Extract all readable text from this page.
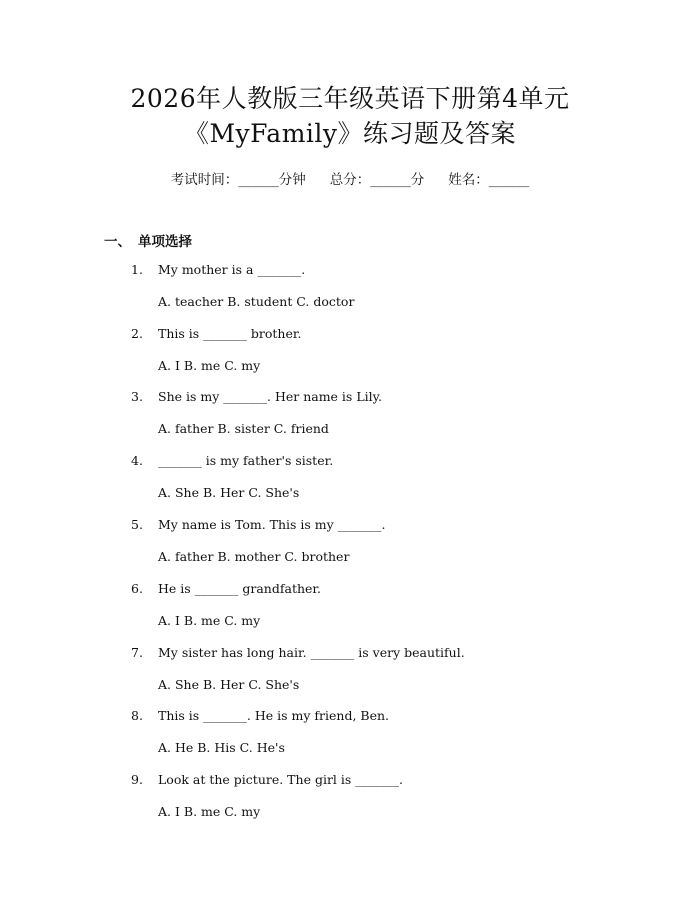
2026年人教版三年级英语下册第4单元
《MyFamily》练习题及答案
考试时间：______分钟 总分：______分 姓名：______
一、 单项选择
1. My mother is a _______.
A. teacher B. student C. doctor
2. This is _______ brother.
A. I B. me C. my
3. She is my _______. Her name is Lily.
A. father B. sister C. friend
4. _______ is my father's sister.
A. She B. Her C. She's
5. My name is Tom. This is my _______.
A. father B. mother C. brother
6. He is _______ grandfather.
A. I B. me C. my
7. My sister has long hair. _______ is very beautiful.
A. She B. Her C. She's
8. This is _______. He is my friend, Ben.
A. He B. His C. He's
9. Look at the picture. The girl is _______.
A. I B. me C. my
